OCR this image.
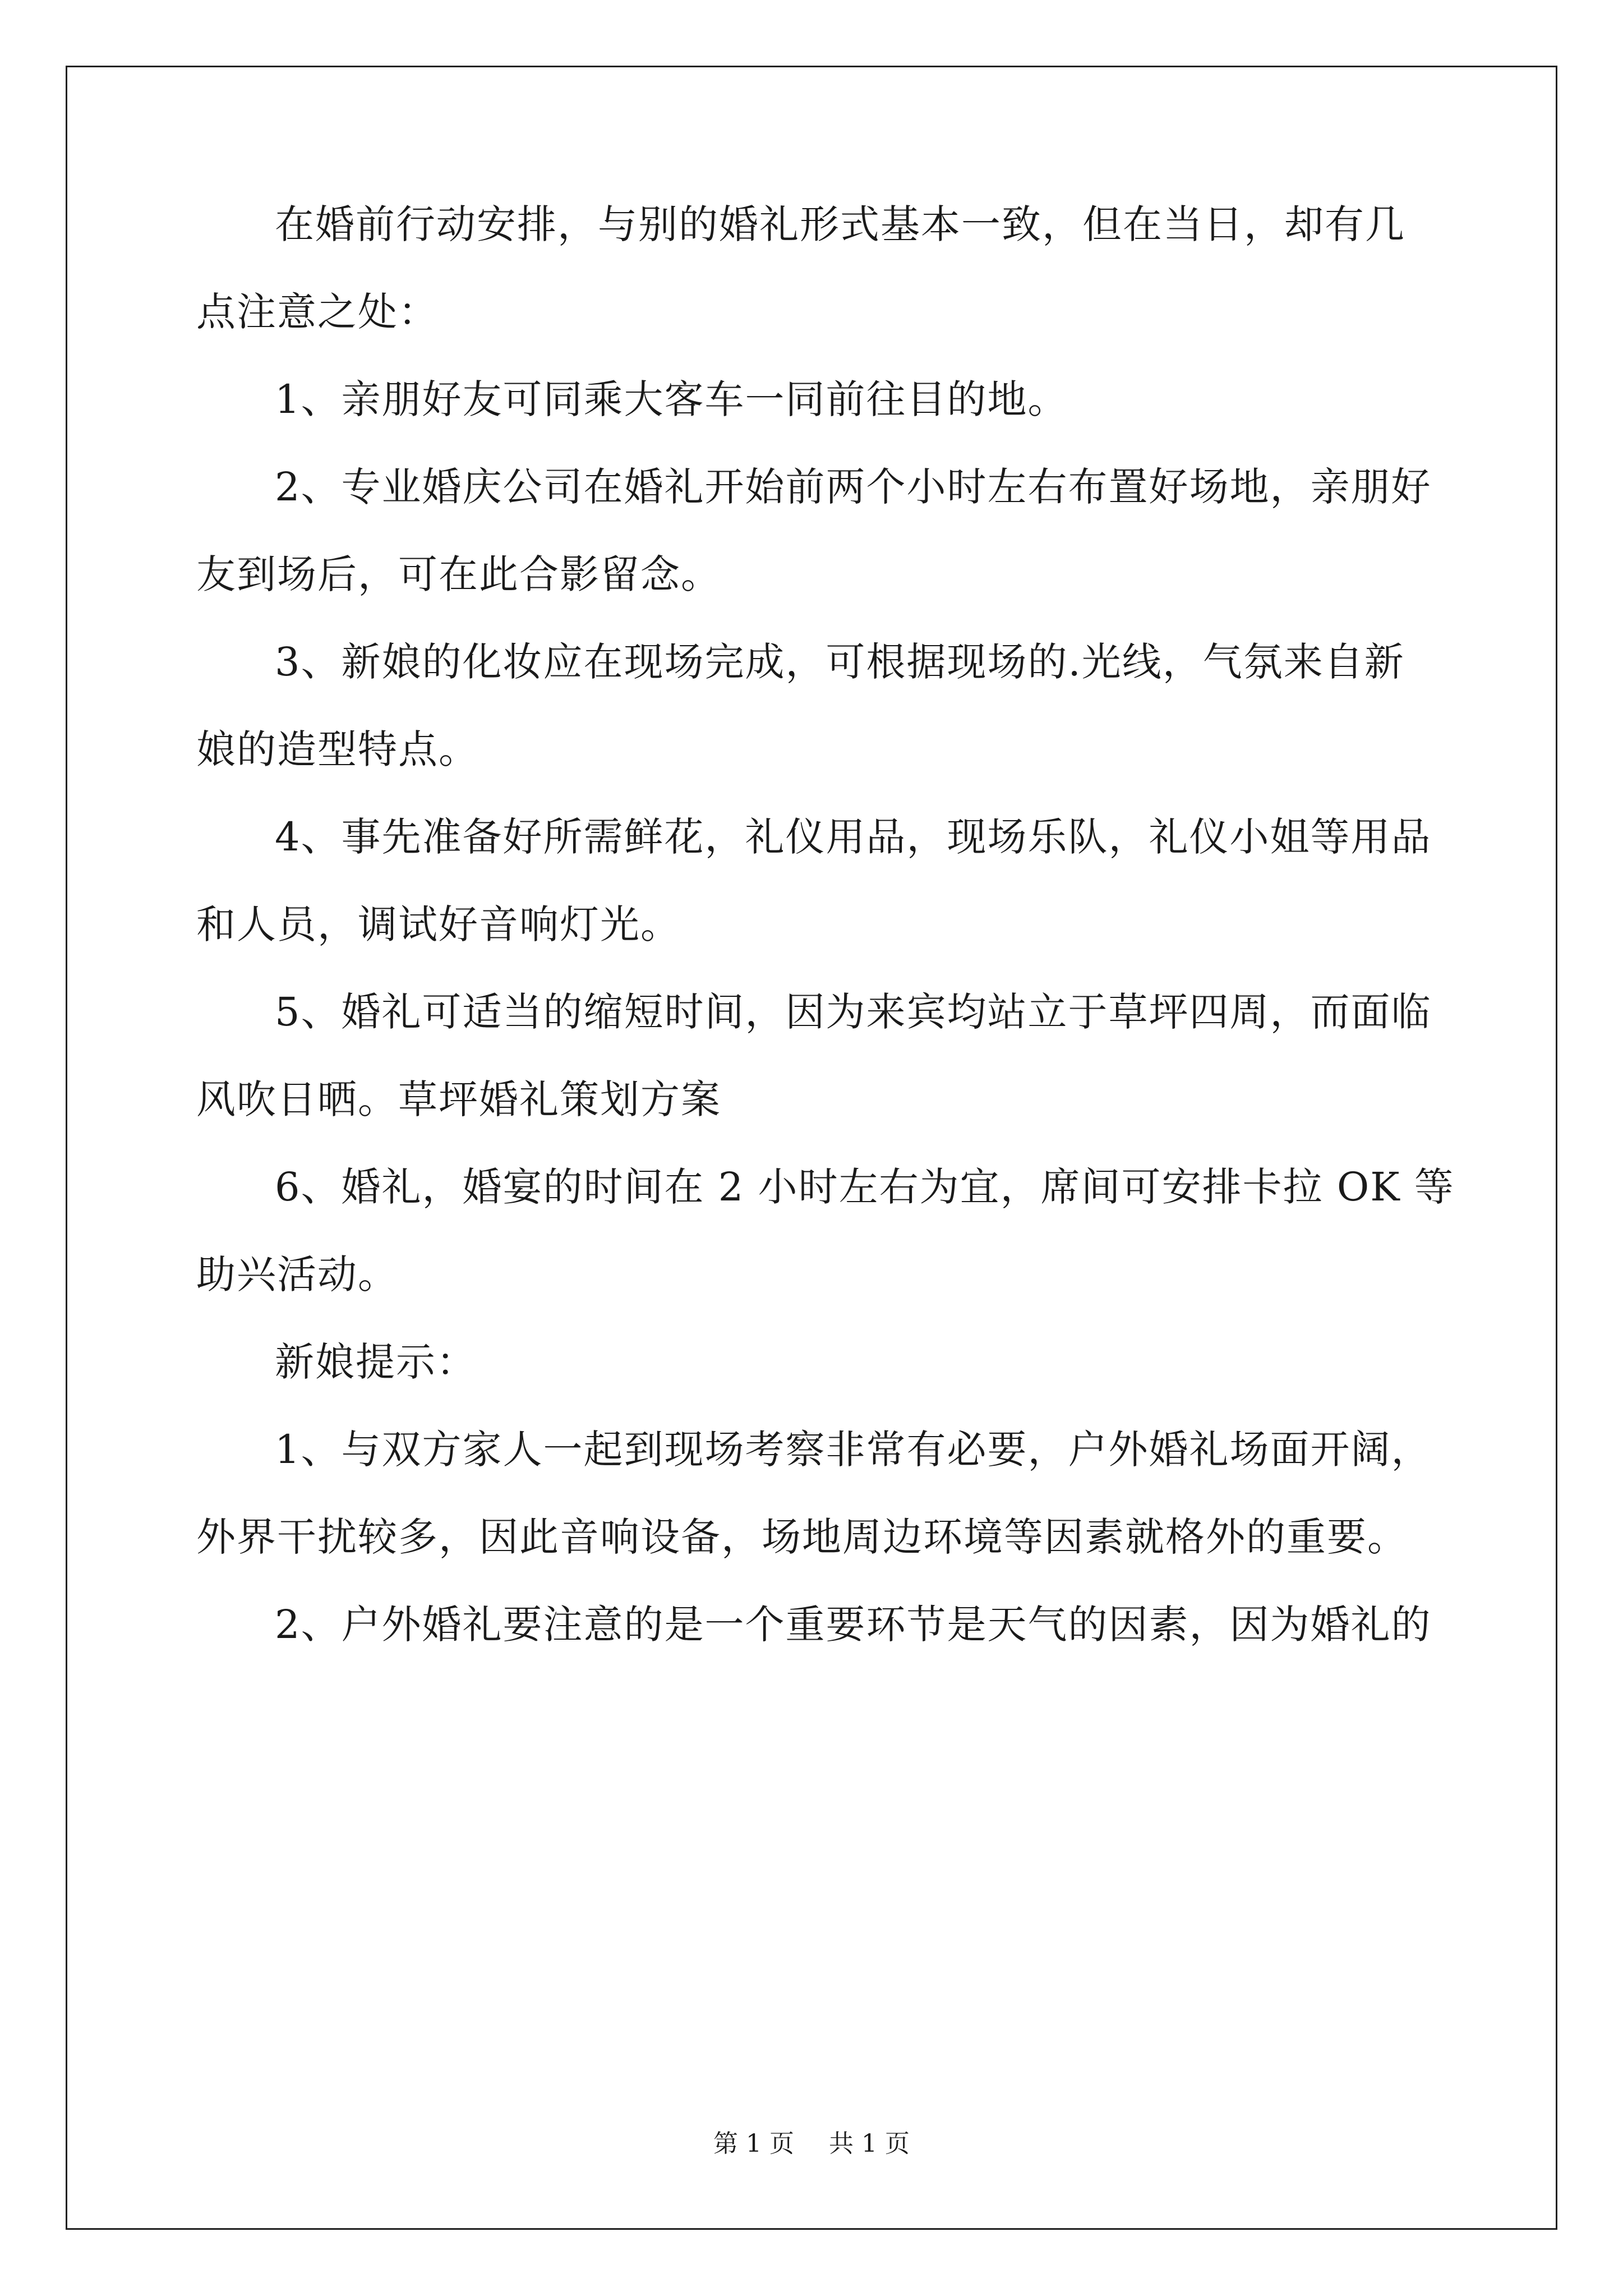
在婚前行动安排，与别的婚礼形式基本一致，但在当日，却有几
点注意之处：
1、亲朋好友可同乘大客车一同前往目的地。
2、专业婚庆公司在婚礼开始前两个小时左右布置好场地，亲朋好
友到场后，可在此合影留念。
3、新娘的化妆应在现场完成，可根据现场的.光线，气氛来自新
娘的造型特点。
4、事先准备好所需鲜花，礼仪用品，现场乐队，礼仪小姐等用品
和人员，调试好音响灯光。
5、婚礼可适当的缩短时间，因为来宾均站立于草坪四周，而面临
风吹日晒。草坪婚礼策划方案
6、婚礼，婚宴的时间在 2 小时左右为宜，席间可安排卡拉 OK 等
助兴活动。
新娘提示：
1、与双方家人一起到现场考察非常有必要，户外婚礼场面开阔，
外界干扰较多，因此音响设备，场地周边环境等因素就格外的重要。
2、户外婚礼要注意的是一个重要环节是天气的因素，因为婚礼的
第 1 页 共 1 页
